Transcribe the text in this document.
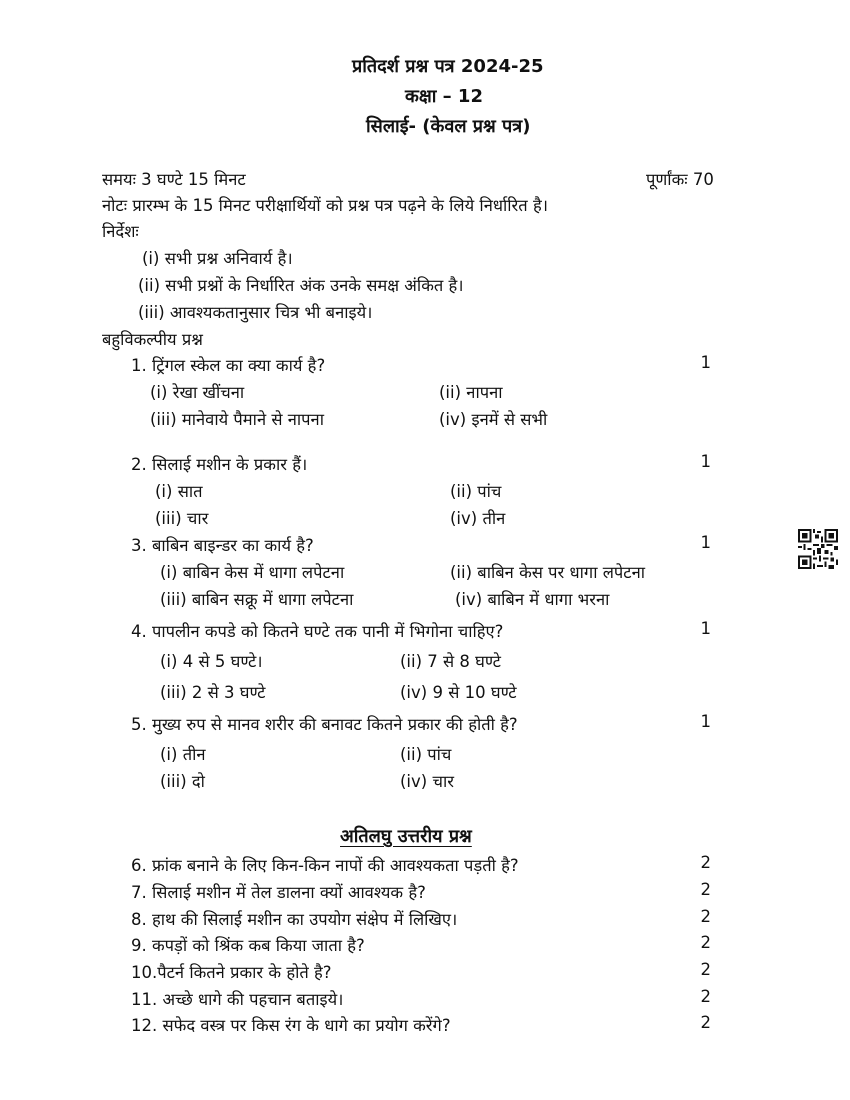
प्रतिदर्श प्रश्न पत्र 2024-25
कक्षा – 12
सिलाई- (केवल प्रश्न पत्र)
समयः 3 घण्टे 15 मिनट	पूर्णांकः 70
नोटः प्रारम्भ के 15 मिनट परीक्षार्थियों को प्रश्न पत्र पढ़ने के लिये निर्धारित है।
निर्देशः
(i) सभी प्रश्न अनिवार्य है।
(ii) सभी प्रश्नों के निर्धारित अंक उनके समक्ष अंकित है।
(iii) आवश्यकतानुसार चित्र भी बनाइये।
बहुविकल्पीय प्रश्न
1. ट्रिंगल स्केल का क्या कार्य है?	1
(i) रेखा खींचना	(ii) नापना
(iii) मानेवाये पैमाने से नापना	(iv) इनमें से सभी
2. सिलाई मशीन के प्रकार हैं।	1
(i) सात	(ii) पांच
(iii) चार	(iv) तीन
3. बाबिन बाइन्डर का कार्य है?	1
(i) बाबिन केस में धागा लपेटना	(ii) बाबिन केस पर धागा लपेटना
(iii) बाबिन सक्रू में धागा लपेटना	(iv) बाबिन में धागा भरना
4. पापलीन कपडे को कितने घण्टे तक पानी में भिगोना चाहिए?	1
(i) 4 से 5 घण्टे।	(ii) 7 से 8 घण्टे
(iii) 2 से 3 घण्टे	(iv) 9 से 10 घण्टे
5. मुख्य रुप से मानव शरीर की बनावट कितने प्रकार की होती है?	1
(i) तीन	(ii) पांच
(iii) दो	(iv) चार
अतिलघु उत्तरीय प्रश्न
6. फ्रांक बनाने के लिए किन-किन नापों की आवश्यकता पड़ती है?	2
7. सिलाई मशीन में तेल डालना क्यों आवश्यक है?	2
8. हाथ की सिलाई मशीन का उपयोग संक्षेप में लिखिए।	2
9. कपड़ों को श्रिंक कब किया जाता है?	2
10.पैटर्न कितने प्रकार के होते है?	2
11. अच्छे धागे की पहचान बताइये।	2
12. सफेद वस्त्र पर किस रंग के धागे का प्रयोग करेंगे?	2
